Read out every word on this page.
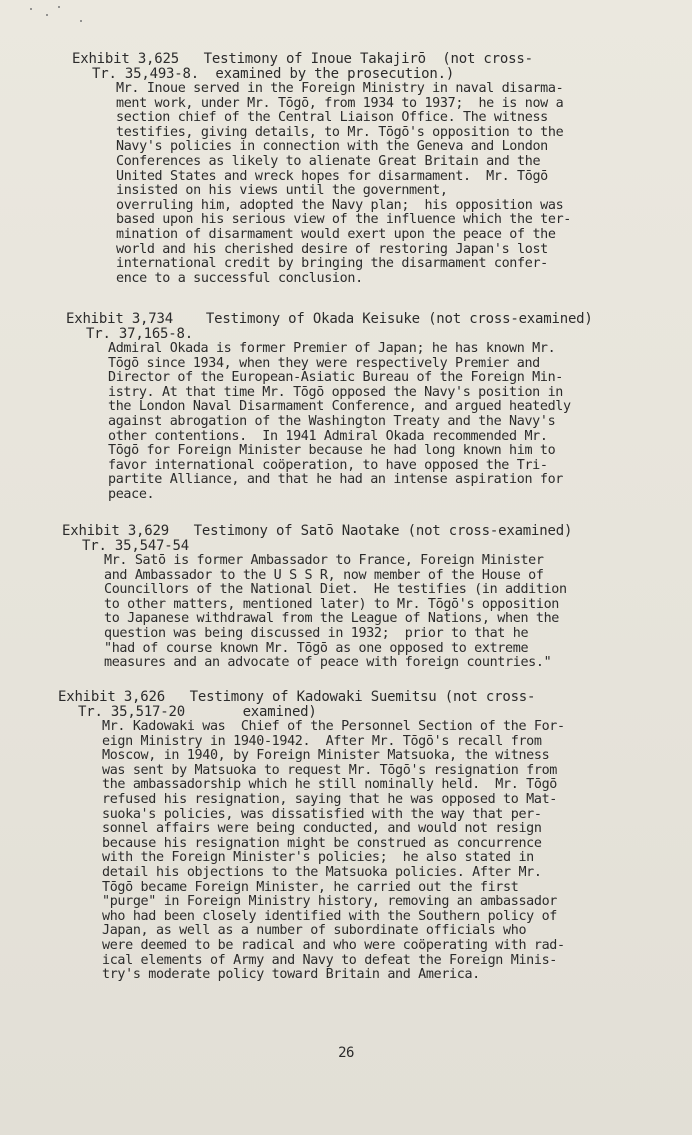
Exhibit 3,625   Testimony of Inoue Takajirō  (not cross-
Tr. 35,493-8.  examined by the prosecution.)
Mr. Inoue served in the Foreign Ministry in naval disarma-
ment work, under Mr. Tōgō, from 1934 to 1937;  he is now a
section chief of the Central Liaison Office. The witness
testifies, giving details, to Mr. Tōgō's opposition to the
Navy's policies in connection with the Geneva and London
Conferences as likely to alienate Great Britain and the
United States and wreck hopes for disarmament.  Mr. Tōgō
insisted on his views until the government,
overruling him, adopted the Navy plan;  his opposition was
based upon his serious view of the influence which the ter-
mination of disarmament would exert upon the peace of the
world and his cherished desire of restoring Japan's lost
international credit by bringing the disarmament confer-
ence to a successful conclusion.
Exhibit 3,734    Testimony of Okada Keisuke (not cross-examined)
Tr. 37,165-8.
Admiral Okada is former Premier of Japan; he has known Mr.
Tōgō since 1934, when they were respectively Premier and
Director of the European-Asiatic Bureau of the Foreign Min-
istry. At that time Mr. Tōgō opposed the Navy's position in
the London Naval Disarmament Conference, and argued heatedly
against abrogation of the Washington Treaty and the Navy's
other contentions.  In 1941 Admiral Okada recommended Mr.
Tōgō for Foreign Minister because he had long known him to
favor international coöperation, to have opposed the Tri-
partite Alliance, and that he had an intense aspiration for
peace.
Exhibit 3,629   Testimony of Satō Naotake (not cross-examined)
Tr. 35,547-54
Mr. Satō is former Ambassador to France, Foreign Minister
and Ambassador to the U S S R, now member of the House of
Councillors of the National Diet.  He testifies (in addition
to other matters, mentioned later) to Mr. Tōgō's opposition
to Japanese withdrawal from the League of Nations, when the
question was being discussed in 1932;  prior to that he
"had of course known Mr. Tōgō as one opposed to extreme
measures and an advocate of peace with foreign countries."
Exhibit 3,626   Testimony of Kadowaki Suemitsu (not cross-
Tr. 35,517-20       examined)
Mr. Kadowaki was  Chief of the Personnel Section of the For-
eign Ministry in 1940-1942.  After Mr. Tōgō's recall from
Moscow, in 1940, by Foreign Minister Matsuoka, the witness
was sent by Matsuoka to request Mr. Tōgō's resignation from
the ambassadorship which he still nominally held.  Mr. Tōgō
refused his resignation, saying that he was opposed to Mat-
suoka's policies, was dissatisfied with the way that per-
sonnel affairs were being conducted, and would not resign
because his resignation might be construed as concurrence
with the Foreign Minister's policies;  he also stated in
detail his objections to the Matsuoka policies. After Mr.
Tōgō became Foreign Minister, he carried out the first
"purge" in Foreign Ministry history, removing an ambassador
who had been closely identified with the Southern policy of
Japan, as well as a number of subordinate officials who
were deemed to be radical and who were coöperating with rad-
ical elements of Army and Navy to defeat the Foreign Minis-
try's moderate policy toward Britain and America.
26
